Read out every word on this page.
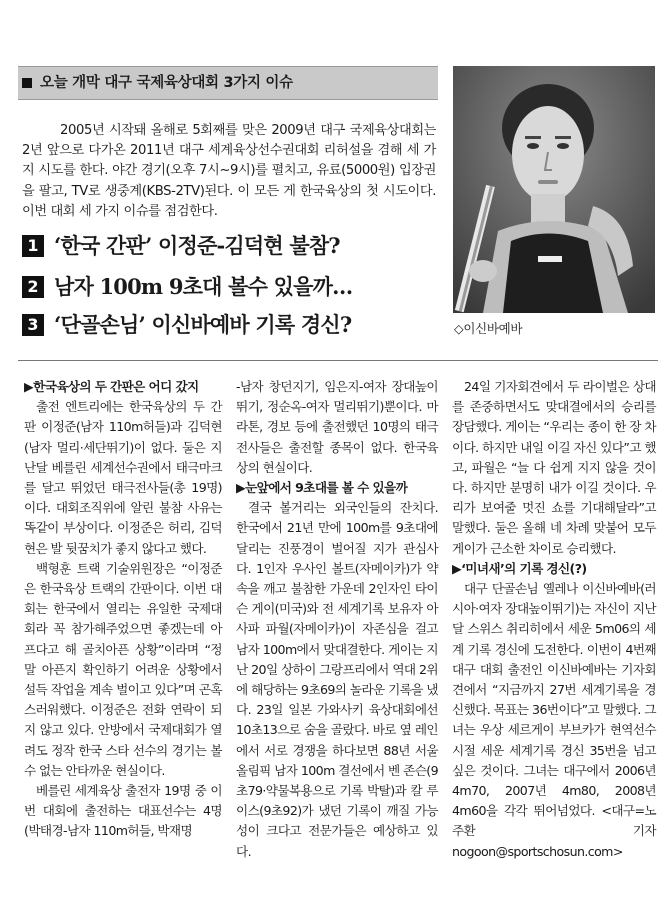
오늘 개막 대구 국제육상대회 3가지 이슈
2005년 시작돼 올해로 5회째를 맞은 2009년 대구 국제육상대회는 2년 앞으로 다가온 2011년 대구 세계육상선수권대회 리허설을 겸해 세 가지 시도를 한다. 야간 경기(오후 7시~9시)를 펼치고, 유료(5000원) 입장권을 팔고, TV로 생중계(KBS-2TV)된다. 이 모든 게 한국육상의 첫 시도이다. 이번 대회 세 가지 이슈를 점검한다.
1 ‘한국 간판’ 이정준-김덕현 불참?
2 남자 100m 9초대 볼수 있을까…
3 ‘단골손님’ 이신바예바 기록 경신?	◇이신바예바

▶한국육상의 두 간판은 어디 갔지

출전 엔트리에는 한국육상의 두 간판 이정준(남자 110m허들)과 김덕현(남자 멀리·세단뛰기)이 없다. 둘은 지난달 베를린 세계선수권에서 태극마크를 달고 뛰었던 태극전사들(총 19명)이다. 대회조직위에 알린 불참 사유는 똑같이 부상이다. 이정준은 허리, 김덕현은 발 뒷꿈치가 좋지 않다고 했다.

백형훈 트랙 기술위원장은 “이정준은 한국육상 트랙의 간판이다. 이번 대회는 한국에서 열리는 유일한 국제대회라 꼭 참가해주었으면 좋겠는데 아프다고 해 골치아픈 상황”이라며 “정말 아픈지 확인하기 어려운 상황에서 설득 작업을 계속 벌이고 있다”며 곤혹스러워했다. 이정준은 전화 연락이 되지 않고 있다. 안방에서 국제대회가 열려도 정작 한국 스타 선수의 경기는 볼 수 없는 안타까운 현실이다.

베를린 세계육상 출전자 19명 중 이번 대회에 출전하는 대표선수는 4명(박태경-남자 110m허들, 박재명

-남자 창던지기, 임은지-여자 장대높이뛰기, 정순옥-여자 멀리뛰기)뿐이다. 마라톤, 경보 등에 출전했던 10명의 태극전사들은 출전할 종목이 없다. 한국육상의 현실이다.

▶눈앞에서 9초대를 볼 수 있을까

결국 볼거리는 외국인들의 잔치다. 한국에서 21년 만에 100m를 9초대에 달리는 진풍경이 벌어질 지가 관심사다. 1인자 우사인 볼트(자메이카)가 약속을 깨고 불참한 가운데 2인자인 타이슨 게이(미국)와 전 세계기록 보유자 아사파 파월(자메이카)이 자존심을 걸고 남자 100m에서 맞대결한다. 게이는 지난 20일 상하이 그랑프리에서 역대 2위에 해당하는 9초69의 놀라운 기록을 냈다. 23일 일본 가와사키 육상대회에선 10초13으로 숨을 골랐다. 바로 옆 레인에서 서로 경쟁을 하다보면 88년 서울올림픽 남자 100m 결선에서 벤 존슨(9초79·약물복용으로 기록 박탈)과 칼 루이스(9초92)가 냈던 기록이 깨질 가능성이 크다고 전문가들은 예상하고 있다.

24일 기자회견에서 두 라이벌은 상대를 존중하면서도 맞대결에서의 승리를 장담했다. 게이는 “우리는 종이 한 장 차이다. 하지만 내일 이길 자신 있다”고 했고, 파월은 “늘 다 쉽게 지지 않을 것이다. 하지만 분명히 내가 이길 것이다. 우리가 보여줄 멋진 쇼를 기대해달라”고 말했다. 둘은 올해 네 차례 맞붙어 모두 게이가 근소한 차이로 승리했다.

▶‘미녀새’의 기록 경신(?)

대구 단골손님 옐레나 이신바예바(러시아·여자 장대높이뛰기)는 자신이 지난달 스위스 취리히에서 세운 5m06의 세계 기록 경신에 도전한다. 이번이 4번째 대구 대회 출전인 이신바예바는 기자회견에서 “지금까지 27번 세계기록을 경신했다. 목표는 36번이다”고 말했다. 그녀는 우상 세르게이 부브카가 현역선수 시절 세운 세계기록 경신 35번을 넘고 싶은 것이다. 그녀는 대구에서 2006년 4m70, 2007년 4m80, 2008년 4m60을 각각 뛰어넘었다. <대구=노주환 기자 nogoon@sportschosun.com>
